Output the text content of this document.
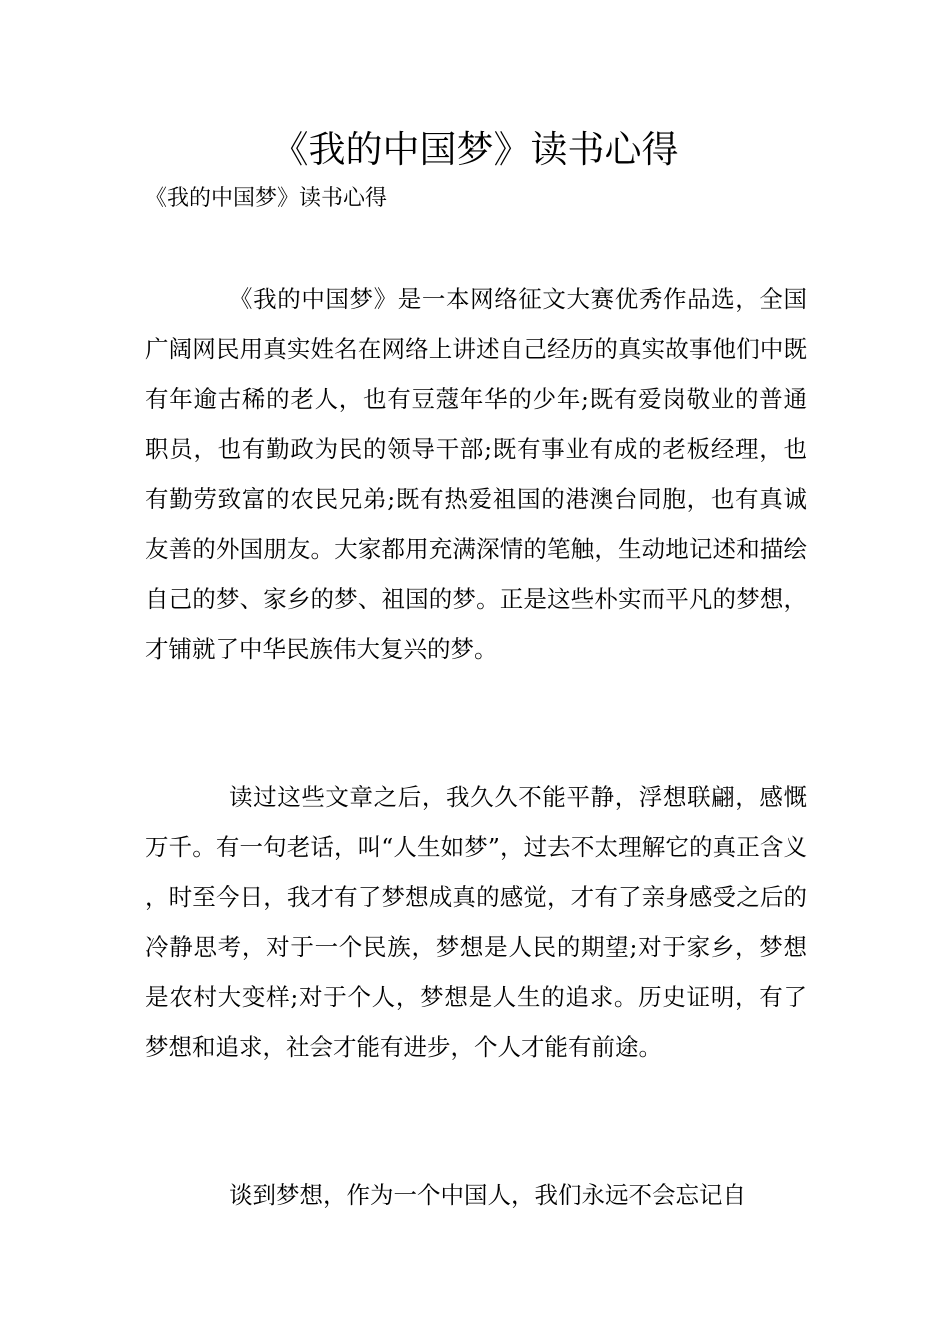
《我的中国梦》读书心得

《我的中国梦》读书心得

《我的中国梦》是一本网络征文大赛优秀作品选，全国广阔网民用真实姓名在网络上讲述自己经历的真实故事他们中既有年逾古稀的老人，也有豆蔻年华的少年;既有爱岗敬业的普通职员，也有勤政为民的领导干部;既有事业有成的老板经理，也有勤劳致富的农民兄弟;既有热爱祖国的港澳台同胞，也有真诚友善的外国朋友。大家都用充满深情的笔触，生动地记述和描绘自己的梦、家乡的梦、祖国的梦。正是这些朴实而平凡的梦想，才铺就了中华民族伟大复兴的梦。

读过这些文章之后，我久久不能平静，浮想联翩，感慨万千。有一句老话，叫“人生如梦”，过去不太理解它的真正含义，时至今日，我才有了梦想成真的感觉，才有了亲身感受之后的冷静思考，对于一个民族，梦想是人民的期望;对于家乡，梦想是农村大变样;对于个人，梦想是人生的追求。历史证明，有了梦想和追求，社会才能有进步，个人才能有前途。

谈到梦想，作为一个中国人，我们永远不会忘记自
